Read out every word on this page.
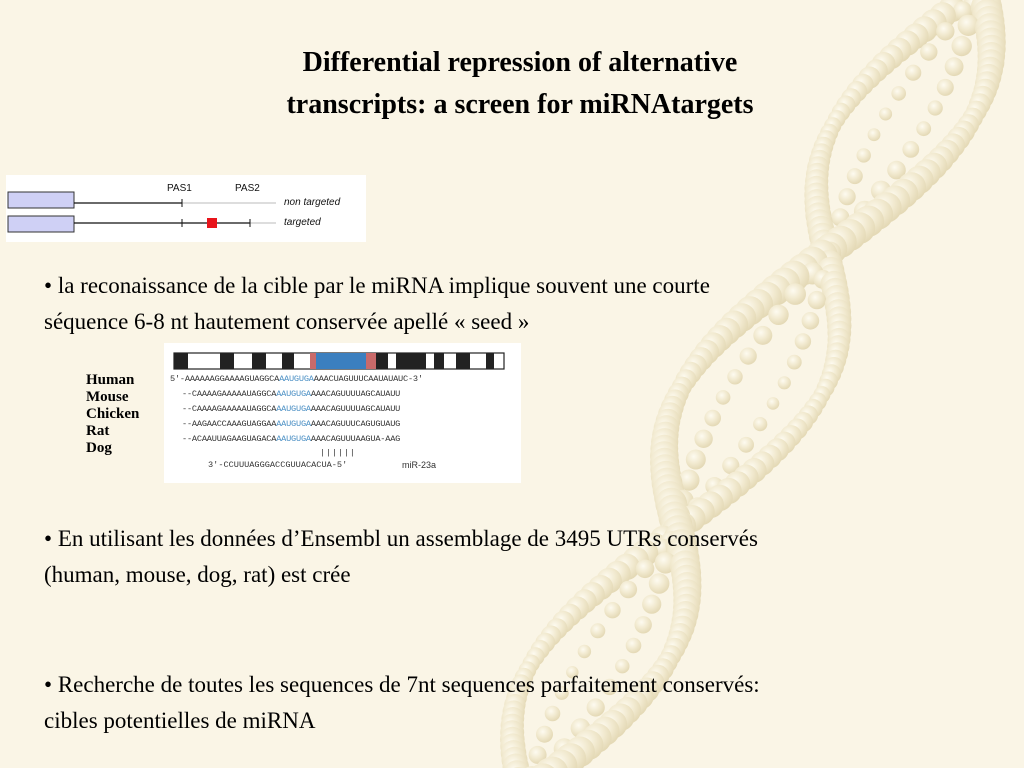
Differential repression of alternative
transcripts: a screen for miRNAtargets
PAS1	PAS2
non targeted
targeted
• la reconaissance de la cible par le miRNA implique souvent une courte
séquence 6-8 nt hautement conservée apellé « seed »
Human
Mouse
Chicken
Rat
Dog
5'-AAAAAAGGAAAAGUAGGCAAAUGUGAAAACUAGUUUCAAUAUAUC-3'
--CAAAAGAAAAAUAGGCAAAUGUGAAAACAGUUUUAGCAUAUU
--CAAAAGAAAAAUAGGCAAAUGUGAAAACAGUUUUAGCAUAUU
--AAGAACCAAAGUAGGAAAAUGUGAAAACAGUUUCAGUGUAUG
--ACAAUUAGAAGUAGACAAAUGUGAAAACAGUUUAAGUA-AAG
||||||
3'-CCUUUAGGGACCGUUACACUA-5'	miR-23a
• En utilisant les données d’Ensembl un assemblage de 3495 UTRs conservés
(human, mouse, dog, rat) est crée
• Recherche de toutes les sequences de 7nt sequences parfaitement conservés:
cibles potentielles de miRNA
